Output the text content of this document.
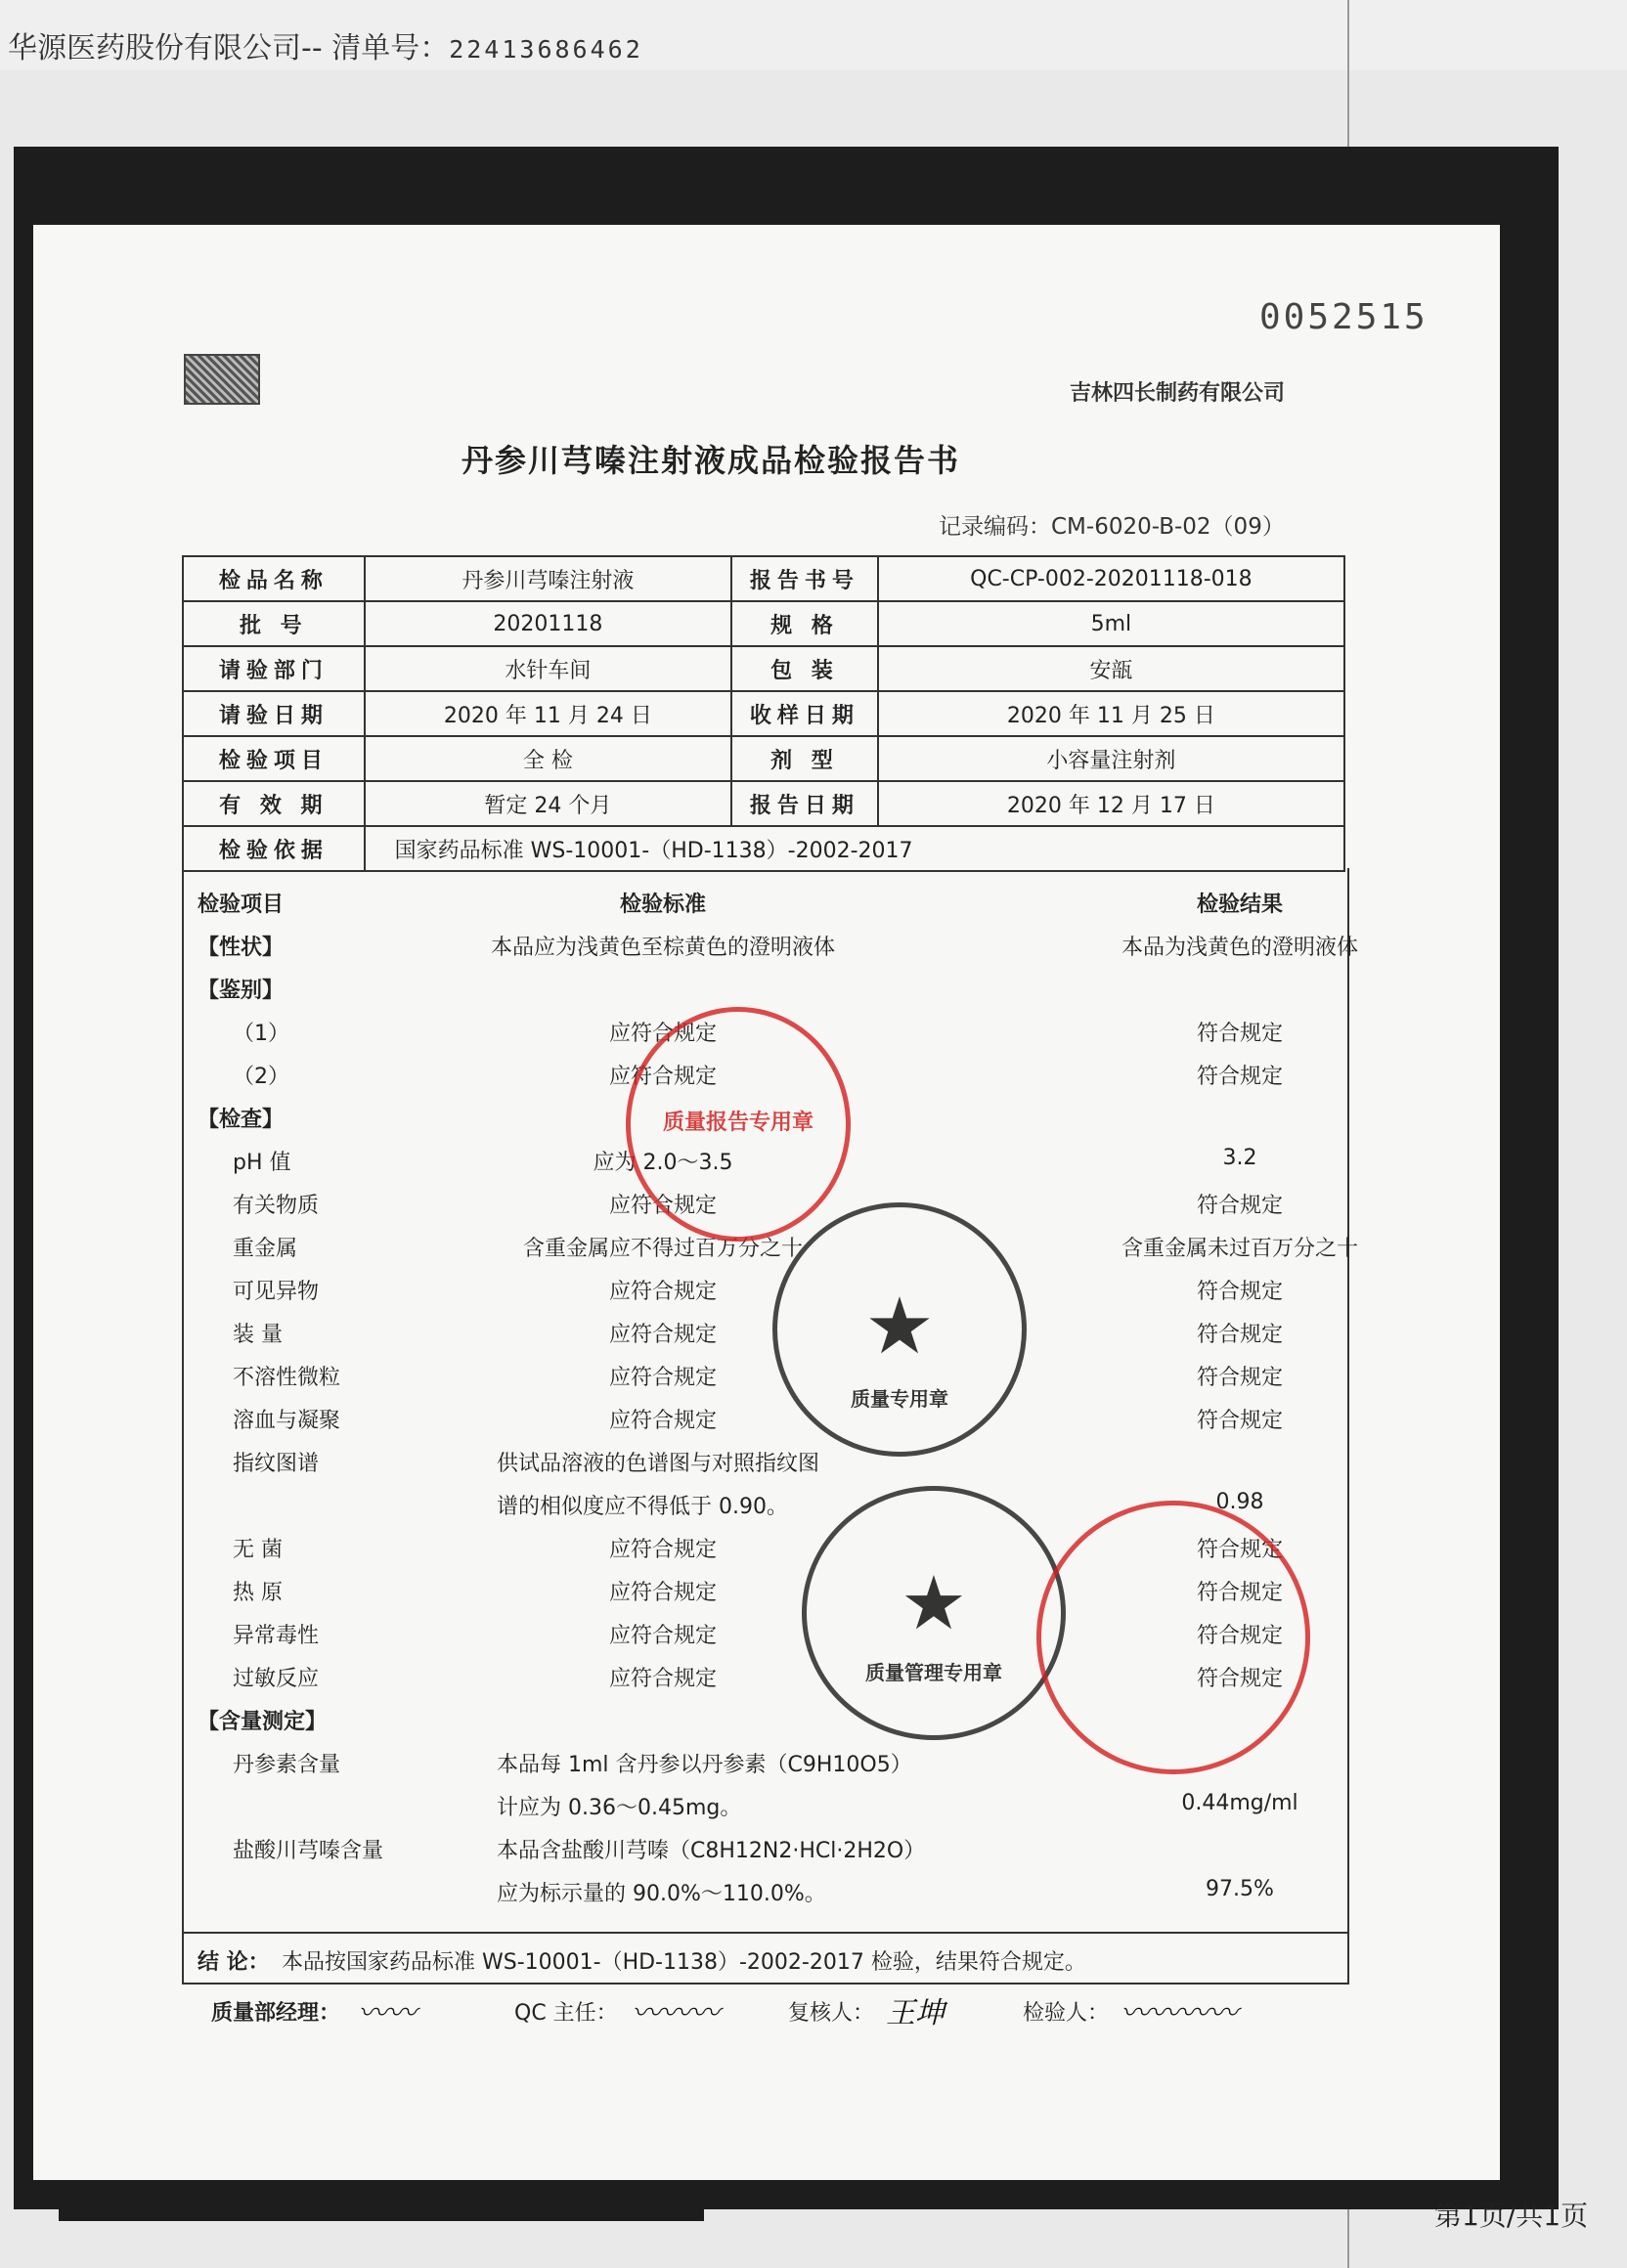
华源医药股份有限公司-- 清单号：22413686462
0052515
吉林四长制药有限公司
丹参川芎嗪注射液成品检验报告书
记录编码：CM-6020-B-02（09）
检品名称	丹参川芎嗪注射液	报告书号	QC-CP-002-20201118-018
批 号	20201118	规 格	5ml
请验部门	水针车间	包 装	安瓿
请验日期	2020 年 11 月 24 日	收样日期	2020 年 11 月 25 日
检验项目	全 检	剂 型	小容量注射剂
有 效 期	暂定 24 个月	报告日期	2020 年 12 月 17 日
检验依据	国家药品标准 WS-10001-（HD-1138）-2002-2017		
检验项目	检验标准	检验结果
【性状】	本品应为浅黄色至棕黄色的澄明液体	本品为浅黄色的澄明液体
【鉴别】
（1）	应符合规定	符合规定
（2）	应符合规定	符合规定
【检查】
pH 值	应为 2.0～3.5	3.2
有关物质	应符合规定	符合规定
重金属	含重金属应不得过百万分之十	含重金属未过百万分之十
可见异物	应符合规定	符合规定
装 量	应符合规定	符合规定
不溶性微粒	应符合规定	符合规定
溶血与凝聚	应符合规定	符合规定
指纹图谱	供试品溶液的色谱图与对照指纹图
谱的相似度应不得低于 0.90。	0.98
无 菌	应符合规定	符合规定
热 原	应符合规定	符合规定
异常毒性	应符合规定	符合规定
过敏反应	应符合规定	符合规定
【含量测定】
丹参素含量	本品每 1ml 含丹参以丹参素（C9H10O5）
计应为 0.36～0.45mg。	0.44mg/ml
盐酸川芎嗪含量	本品含盐酸川芎嗪（C8H12N2·HCl·2H2O）
应为标示量的 90.0%～110.0%。	97.5%
结 论： 本品按国家药品标准 WS-10001-（HD-1138）-2002-2017 检验，结果符合规定。
质量部经理： 〰〰	QC 主任： 〰〰〰	复核人： 王坤	检验人： 〰〰〰〰
质量报告专用章
★
质量专用章
★
质量管理专用章
第1页/共1页
